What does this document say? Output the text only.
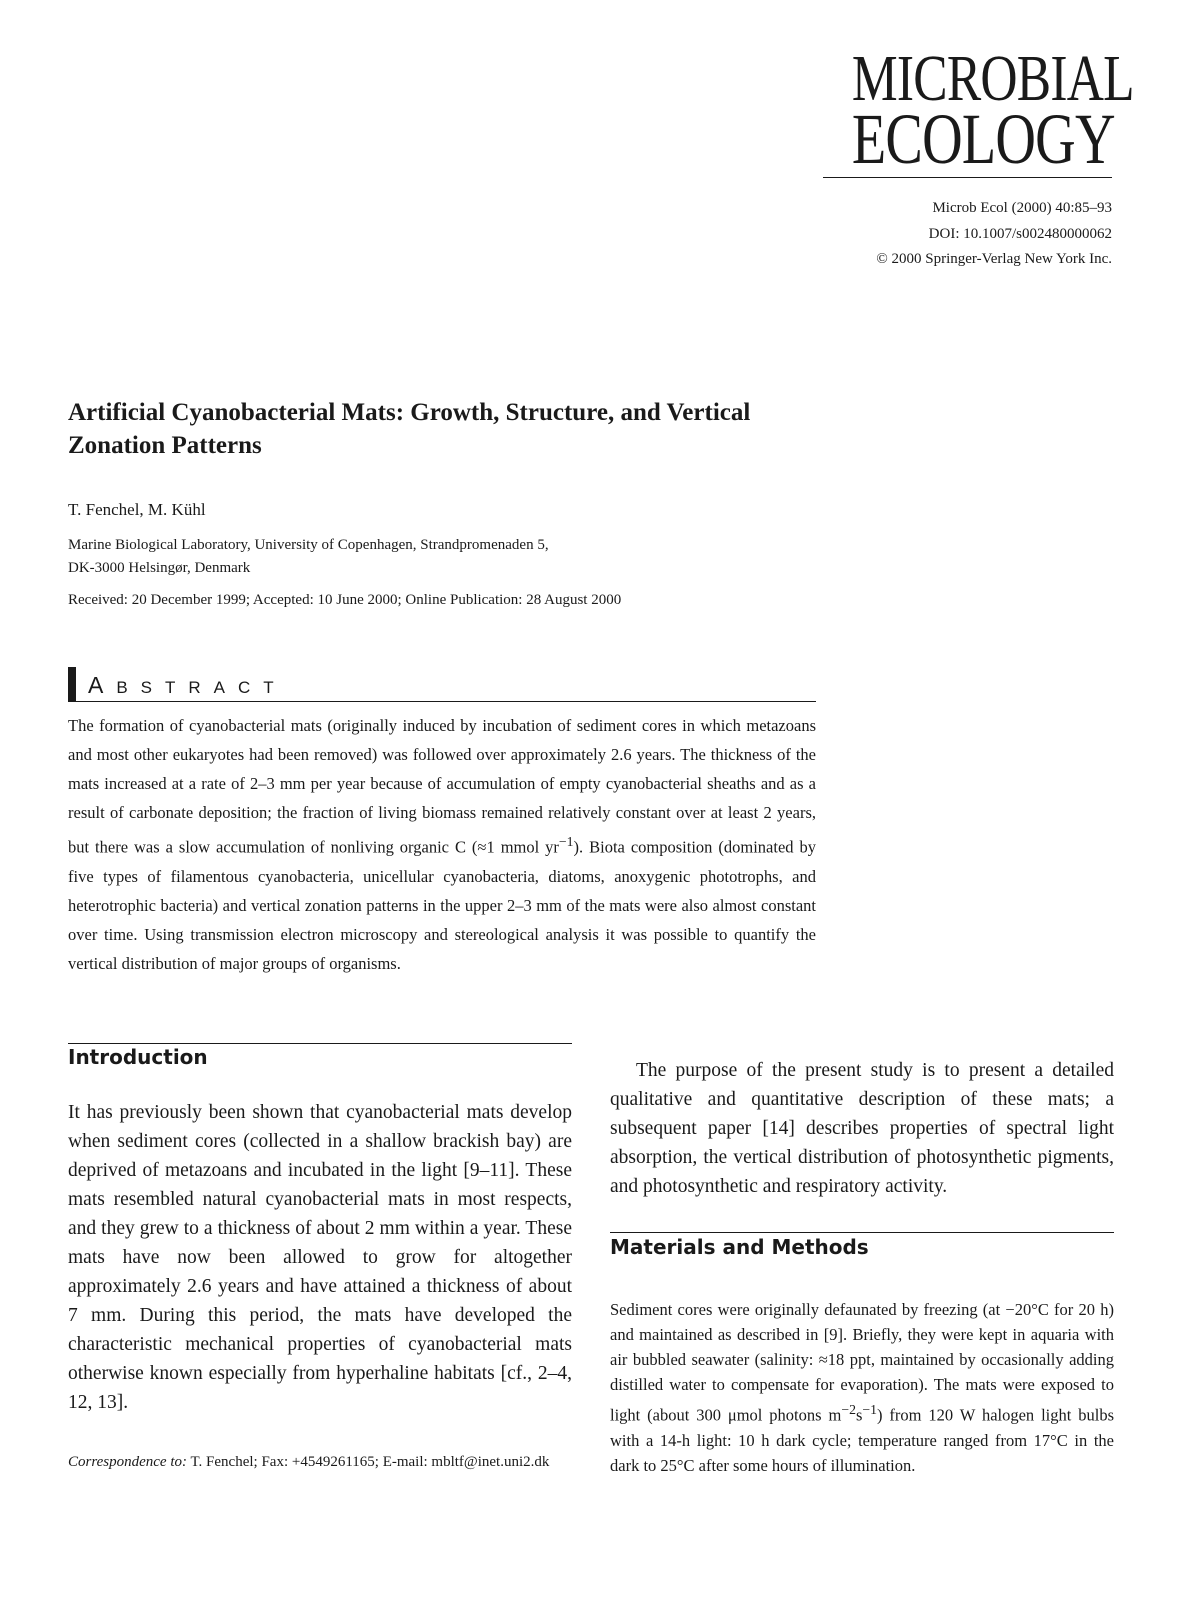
MICROBIAL
ECOLOGY
Microb Ecol (2000) 40:85–93
DOI: 10.1007/s002480000062
© 2000 Springer-Verlag New York Inc.
Artificial Cyanobacterial Mats: Growth, Structure, and Vertical Zonation Patterns
T. Fenchel, M. Kühl
Marine Biological Laboratory, University of Copenhagen, Strandpromenaden 5,
DK-3000 Helsingør, Denmark
Received: 20 December 1999; Accepted: 10 June 2000; Online Publication: 28 August 2000
ABSTRACT

The formation of cyanobacterial mats (originally induced by incubation of sediment cores in which metazoans and most other eukaryotes had been removed) was followed over approximately 2.6 years. The thickness of the mats increased at a rate of 2–3 mm per year because of accumulation of empty cyanobacterial sheaths and as a result of carbonate deposition; the fraction of living biomass remained relatively constant over at least 2 years, but there was a slow accumulation of nonliving organic C (≈1 mmol $yr^{-1}$). Biota composition (dominated by five types of filamentous cyanobacteria, unicellular cyanobacteria, diatoms, anoxygenic phototrophs, and heterotrophic bacteria) and vertical zonation patterns in the upper 2–3 mm of the mats were also almost constant over time. Using transmission electron microscopy and stereological analysis it was possible to quantify the vertical distribution of major groups of organisms.

Introduction

It has previously been shown that cyanobacterial mats develop when sediment cores (collected in a shallow brackish bay) are deprived of metazoans and incubated in the light [9–11]. These mats resembled natural cyanobacterial mats in most respects, and they grew to a thickness of about 2 mm within a year. These mats have now been allowed to grow for altogether approximately 2.6 years and have attained a thickness of about 7 mm. During this period, the mats have developed the characteristic mechanical properties of cyanobacterial mats otherwise known especially from hyperhaline habitats [cf., 2–4, 12, 13].

Correspondence to: T. Fenchel; Fax: +4549261165; E-mail: mbltf@inet.uni2.dk

The purpose of the present study is to present a detailed qualitative and quantitative description of these mats; a subsequent paper [14] describes properties of spectral light absorption, the vertical distribution of photosynthetic pigments, and photosynthetic and respiratory activity.

Materials and Methods

Sediment cores were originally defaunated by freezing (at −20°C for 20 h) and maintained as described in [9]. Briefly, they were kept in aquaria with air bubbled seawater (salinity: ≈18 ppt, maintained by occasionally adding distilled water to compensate for evaporation). The mats were exposed to light (about 300 μmol photons $m^{-2}s^{-1}$) from 120 W halogen light bulbs with a 14-h light: 10 h dark cycle; temperature ranged from 17°C in the dark to 25°C after some hours of illumination.
